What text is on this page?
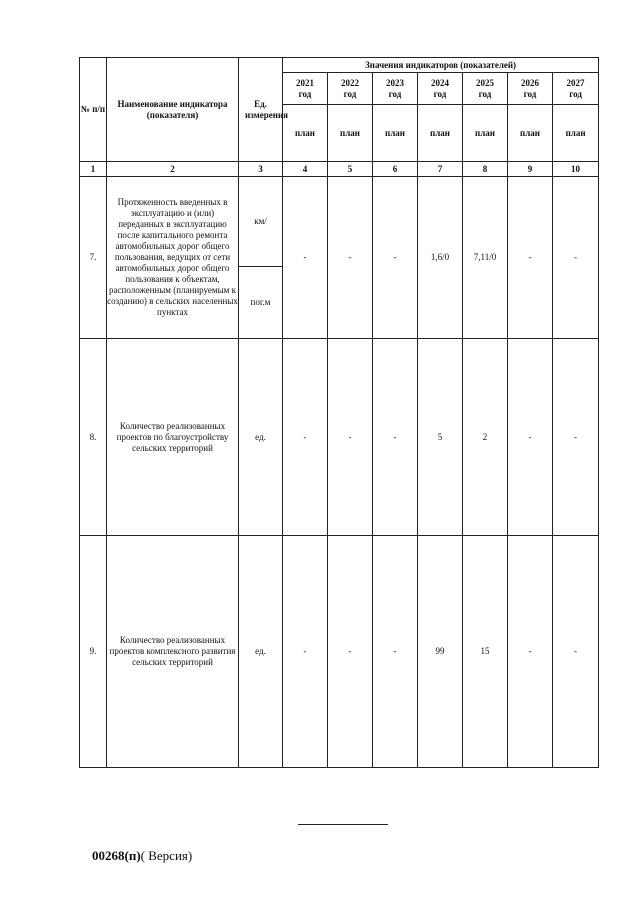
№ п/п	Наименование индикатора (показателя)	Ед. измерения	Значения индикаторов (показателей)						
			2021 год	2022 год	2023 год	2024 год	2025 год	2026 год	2027 год
			план	план	план	план	план	план	план
1	2	3	4	5	6	7	8	9	10
7.	Протяженность введенных в эксплуатацию и (или) переданных в эксплуатацию после капитального ремонта автомобильных дорог общего пользования, ведущих от сети автомобильных дорог общего пользования к объектам, расположенным (планируемым к созданию) в сельских населенных пунктах	км/	-	-	-	1,6/0	7,11/0	-	-
		пог.м							
8.	Количество реализованных проектов по благоустройству сельских территорий	ед.	-	-	-	5	2	-	-
9.	Количество реализованных проектов комплексного развития сельских территорий	ед.	-	-	-	99	15	-	-
00268(п)( Версия)
